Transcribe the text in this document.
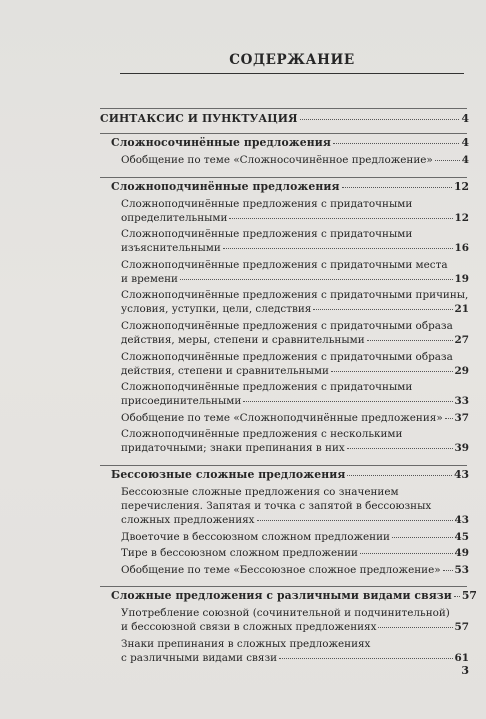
СОДЕРЖАНИЕ
СИНТАКСИС И ПУНКТУАЦИЯ	4
Сложносочинённые предложения	4
Обобщение по теме «Сложносочинённое предложение»	4
Сложноподчинённые предложения	12
Сложноподчинённые предложения с придаточными
определительными	12
Сложноподчинённые предложения с придаточными
изъяснительными	16
Сложноподчинённые предложения с придаточными места
и времени	19
Сложноподчинённые предложения с придаточными причины,
условия, уступки, цели, следствия	21
Сложноподчинённые предложения с придаточными образа
действия, меры, степени и сравнительными	27
Сложноподчинённые предложения с придаточными образа
действия, степени и сравнительными	29
Сложноподчинённые предложения с придаточными
присоединительными	33
Обобщение по теме «Сложноподчинённые предложения» 37
Сложноподчинённые предложения с несколькими
придаточными; знаки препинания в них	39
Бессоюзные сложные предложения	43
Бессоюзные сложные предложения со значением
перечисления. Запятая и точка с запятой в бессоюзных
сложных предложениях	43
Двоеточие в бессоюзном сложном предложении	45
Тире в бессоюзном сложном предложении	49
Обобщение по теме «Бессоюзное сложное предложение» 53
Сложные предложения с различными видами связи 57
Употребление союзной (сочинительной и подчинительной)
и бессоюзной связи в сложных предложениях	57
Знаки препинания в сложных предложениях
с различными видами связи	61
3
